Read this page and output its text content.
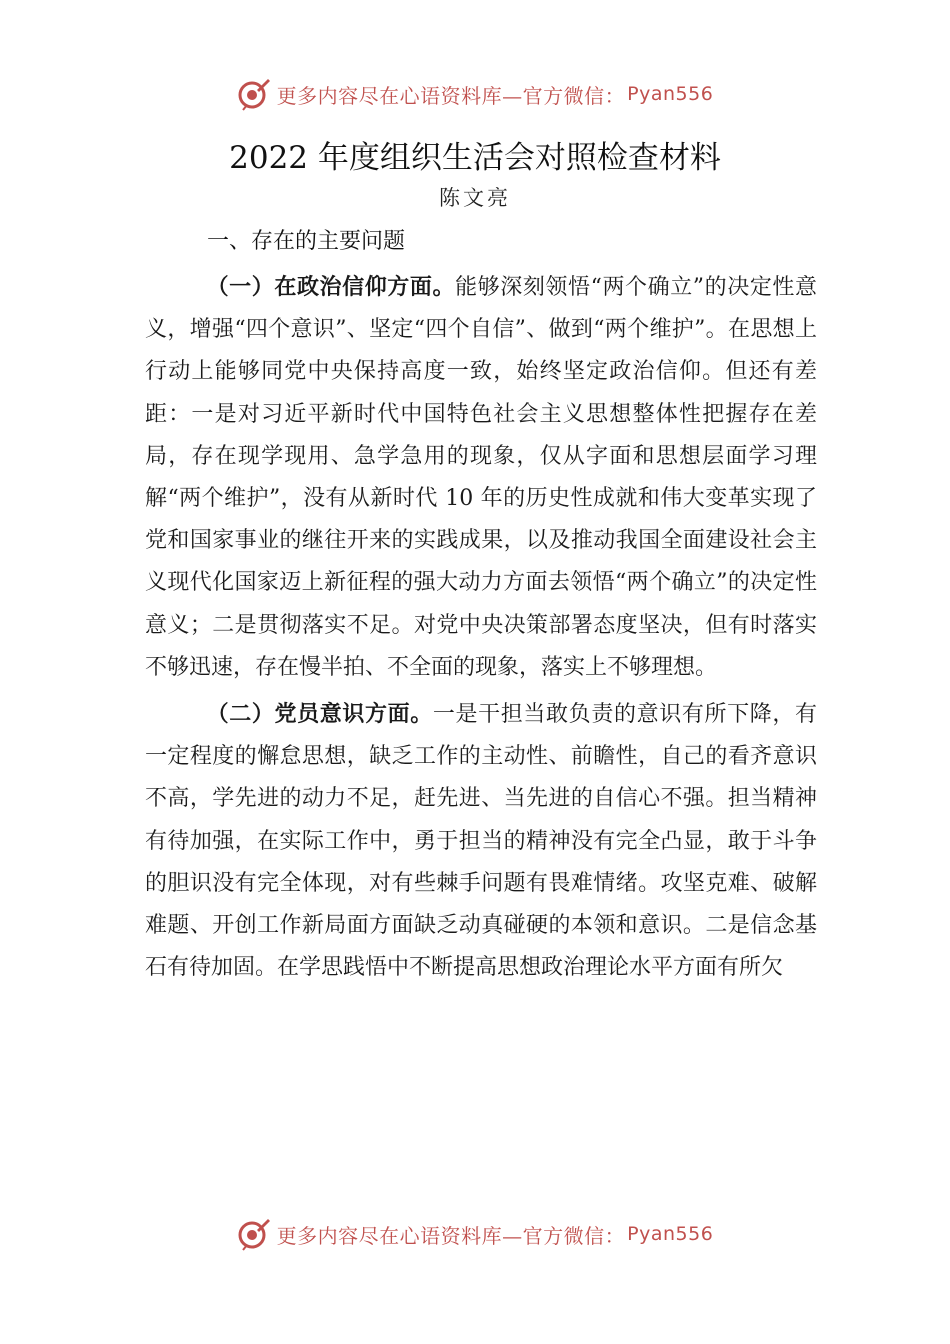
更多内容尽在心语资料库—官方微信： Pyan556
2022 年度组织生活会对照检查材料
陈文亮
一、存在的主要问题

（一）在政治信仰方面。能够深刻领悟“两个确立”的决定性意义，增强“四个意识”、坚定“四个自信”、做到“两个维护”。在思想上行动上能够同党中央保持高度一致，始终坚定政治信仰。但还有差距：一是对习近平新时代中国特色社会主义思想整体性把握存在差局，存在现学现用、急学急用的现象，仅从字面和思想层面学习理解“两个维护”，没有从新时代 10 年的历史性成就和伟大变革实现了党和国家事业的继往开来的实践成果，以及推动我国全面建设社会主义现代化国家迈上新征程的强大动力方面去领悟“两个确立”的决定性意义；二是贯彻落实不足。对党中央决策部署态度坚决，但有时落实不够迅速，存在慢半拍、不全面的现象，落实上不够理想。

（二）党员意识方面。一是干担当敢负责的意识有所下降，有一定程度的懈怠思想，缺乏工作的主动性、前瞻性，自己的看齐意识不高，学先进的动力不足，赶先进、当先进的自信心不强。担当精神有待加强，在实际工作中，勇于担当的精神没有完全凸显，敢于斗争的胆识没有完全体现，对有些棘手问题有畏难情绪。攻坚克难、破解难题、开创工作新局面方面缺乏动真碰硬的本领和意识。二是信念基石有待加固。在学思践悟中不断提高思想政治理论水平方面有所欠

更多内容尽在心语资料库—官方微信： Pyan556
